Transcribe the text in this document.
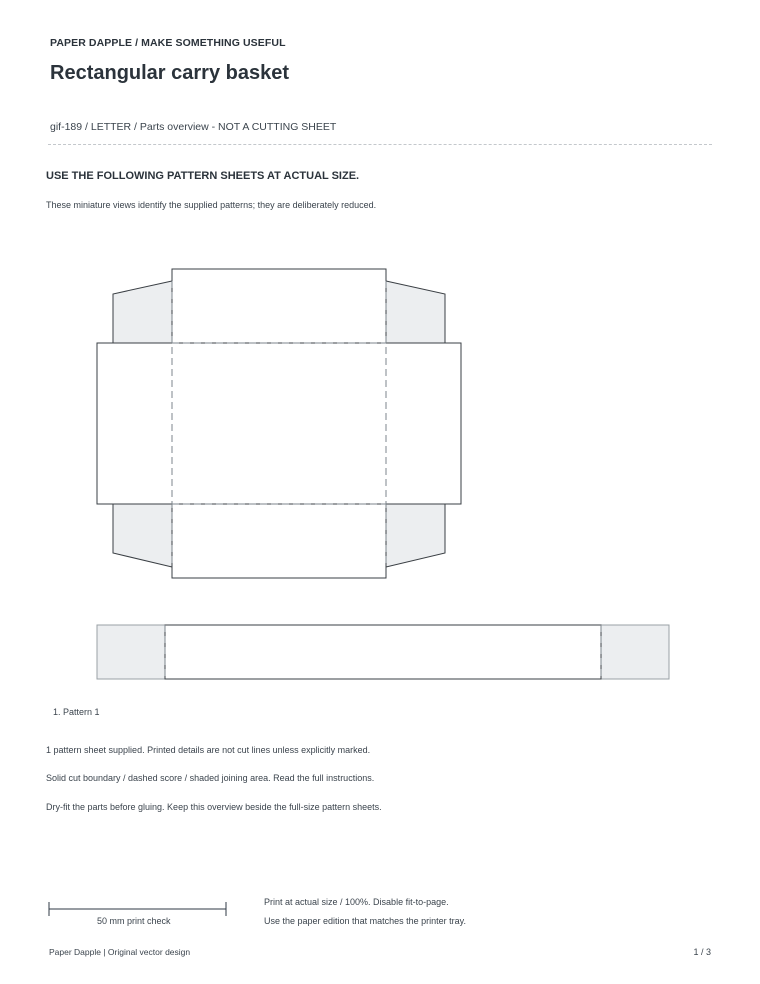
PAPER DAPPLE / MAKE SOMETHING USEFUL
Rectangular carry basket
gif-189 / LETTER / Parts overview - NOT A CUTTING SHEET
USE THE FOLLOWING PATTERN SHEETS AT ACTUAL SIZE.
These miniature views identify the supplied patterns; they are deliberately reduced.
1. Pattern 1
1 pattern sheet supplied. Printed details are not cut lines unless explicitly marked.
Solid cut boundary / dashed score / shaded joining area. Read the full instructions.
Dry-fit the parts before gluing. Keep this overview beside the full-size pattern sheets.
50 mm print check
Print at actual size / 100%. Disable fit-to-page.
Use the paper edition that matches the printer tray.
Paper Dapple | Original vector design	1 / 3
